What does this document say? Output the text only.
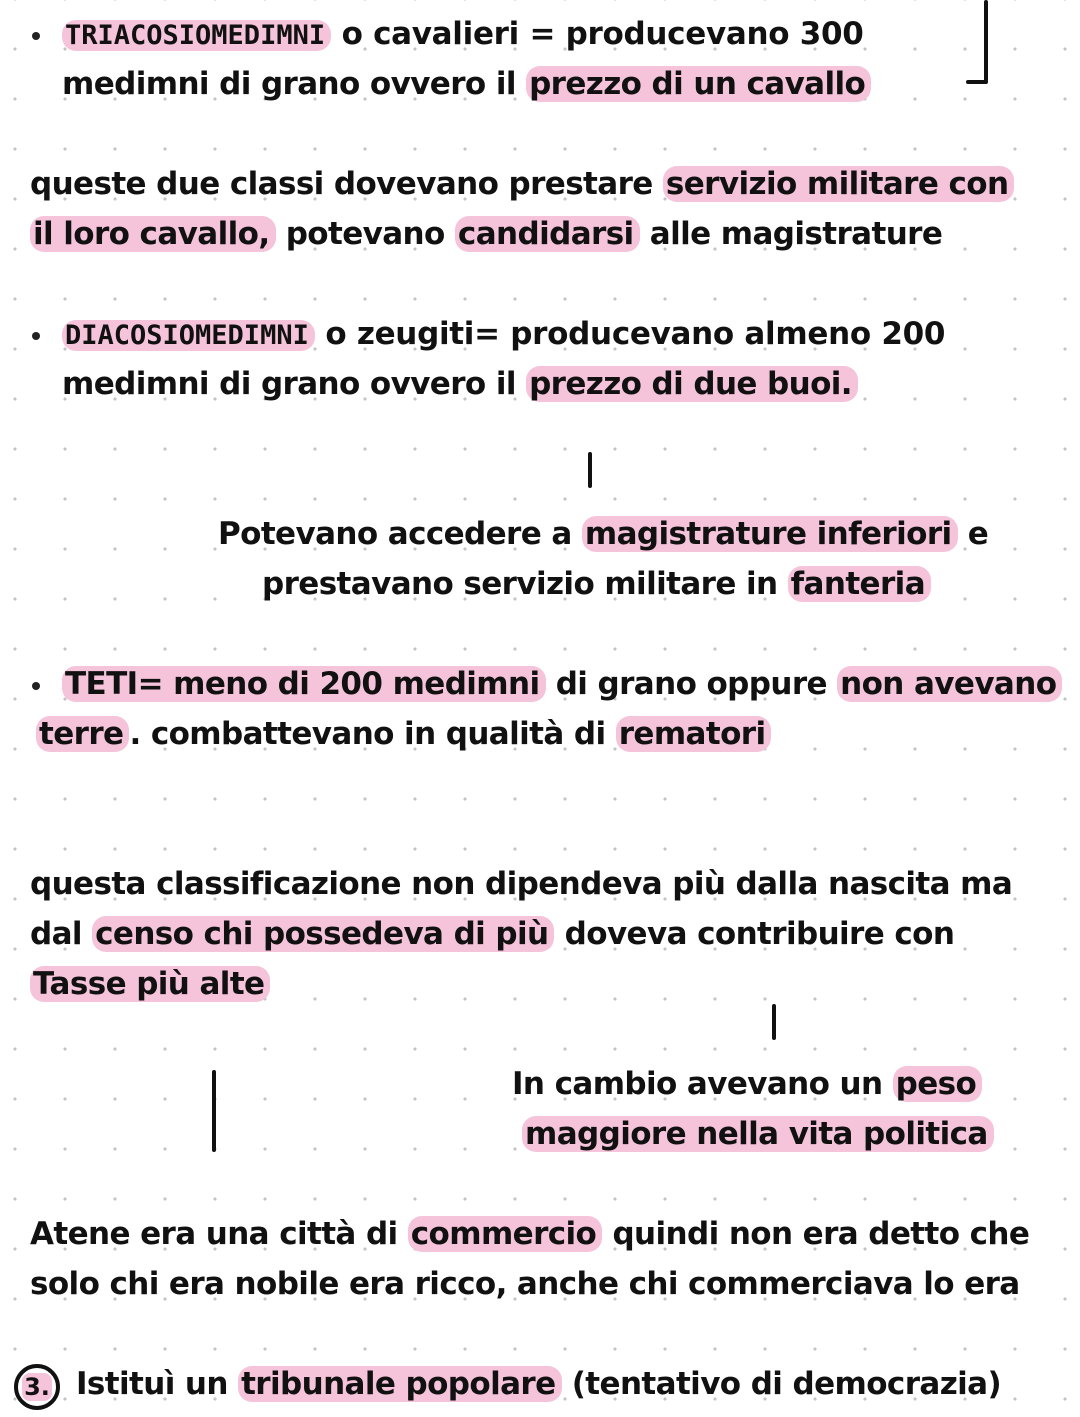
TRIACOSIOMEDIMNI o cavalieri = producevano 300
medimni di grano ovvero il prezzo di un cavallo
queste due classi dovevano prestare servizio militare con
il loro cavallo, potevano candidarsi alle magistrature
DIACOSIOMEDIMNI o zeugiti= producevano almeno 200
medimni di grano ovvero il prezzo di due buoi.
Potevano accedere a magistrature inferiori e
prestavano servizio militare in fanteria
TETI= meno di 200 medimni di grano oppure non avevano
terre . combattevano in qualità di rematori
questa classificazione non dipendeva più dalla nascita ma
dal censo chi possedeva di più doveva contribuire con
Tasse più alte
In cambio avevano un peso
maggiore nella vita politica
Atene era una città di commercio quindi non era detto che
solo chi era nobile era ricco, anche chi commerciava lo era
3. Istituì un tribunale popolare (tentativo di democrazia)
